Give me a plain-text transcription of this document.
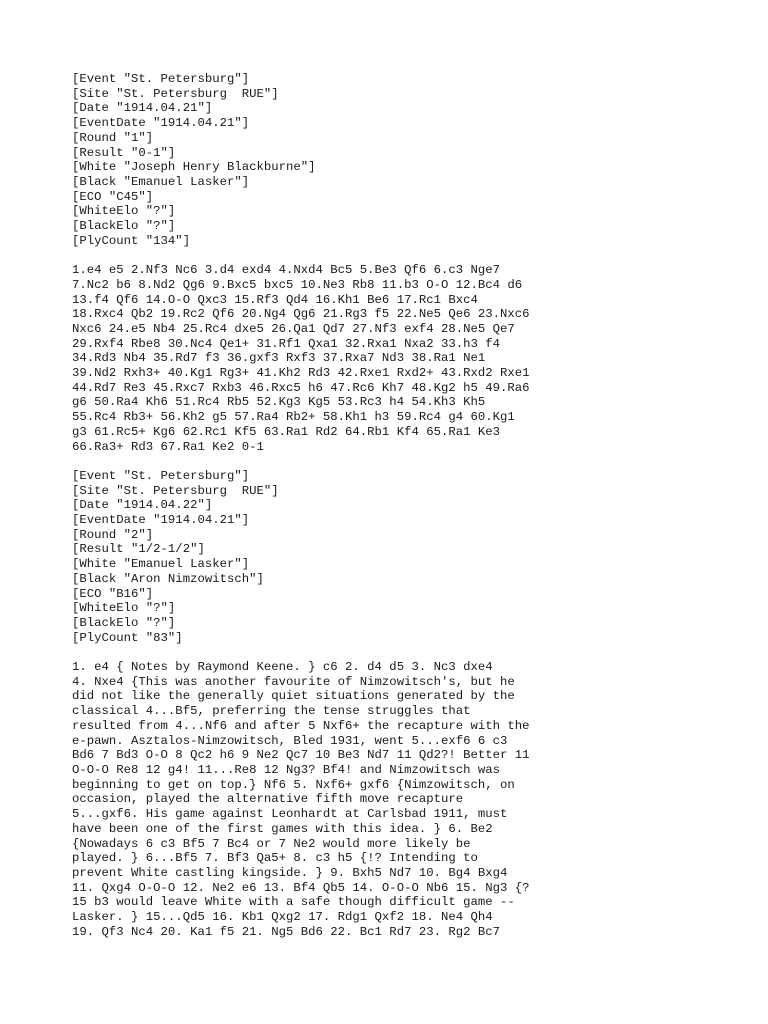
[Event "St. Petersburg"]
[Site "St. Petersburg  RUE"]
[Date "1914.04.21"]
[EventDate "1914.04.21"]
[Round "1"]
[Result "0-1"]
[White "Joseph Henry Blackburne"]
[Black "Emanuel Lasker"]
[ECO "C45"]
[WhiteElo "?"]
[BlackElo "?"]
[PlyCount "134"]
1.e4 e5 2.Nf3 Nc6 3.d4 exd4 4.Nxd4 Bc5 5.Be3 Qf6 6.c3 Nge7
7.Nc2 b6 8.Nd2 Qg6 9.Bxc5 bxc5 10.Ne3 Rb8 11.b3 O-O 12.Bc4 d6
13.f4 Qf6 14.O-O Qxc3 15.Rf3 Qd4 16.Kh1 Be6 17.Rc1 Bxc4
18.Rxc4 Qb2 19.Rc2 Qf6 20.Ng4 Qg6 21.Rg3 f5 22.Ne5 Qe6 23.Nxc6
Nxc6 24.e5 Nb4 25.Rc4 dxe5 26.Qa1 Qd7 27.Nf3 exf4 28.Ne5 Qe7
29.Rxf4 Rbe8 30.Nc4 Qe1+ 31.Rf1 Qxa1 32.Rxa1 Nxa2 33.h3 f4
34.Rd3 Nb4 35.Rd7 f3 36.gxf3 Rxf3 37.Rxa7 Nd3 38.Ra1 Ne1
39.Nd2 Rxh3+ 40.Kg1 Rg3+ 41.Kh2 Rd3 42.Rxe1 Rxd2+ 43.Rxd2 Rxe1
44.Rd7 Re3 45.Rxc7 Rxb3 46.Rxc5 h6 47.Rc6 Kh7 48.Kg2 h5 49.Ra6
g6 50.Ra4 Kh6 51.Rc4 Rb5 52.Kg3 Kg5 53.Rc3 h4 54.Kh3 Kh5
55.Rc4 Rb3+ 56.Kh2 g5 57.Ra4 Rb2+ 58.Kh1 h3 59.Rc4 g4 60.Kg1
g3 61.Rc5+ Kg6 62.Rc1 Kf5 63.Ra1 Rd2 64.Rb1 Kf4 65.Ra1 Ke3
66.Ra3+ Rd3 67.Ra1 Ke2 0-1
[Event "St. Petersburg"]
[Site "St. Petersburg  RUE"]
[Date "1914.04.22"]
[EventDate "1914.04.21"]
[Round "2"]
[Result "1/2-1/2"]
[White "Emanuel Lasker"]
[Black "Aron Nimzowitsch"]
[ECO "B16"]
[WhiteElo "?"]
[BlackElo "?"]
[PlyCount "83"]
1. e4 { Notes by Raymond Keene. } c6 2. d4 d5 3. Nc3 dxe4
4. Nxe4 {This was another favourite of Nimzowitsch's, but he
did not like the generally quiet situations generated by the
classical 4...Bf5, preferring the tense struggles that
resulted from 4...Nf6 and after 5 Nxf6+ the recapture with the
e-pawn. Asztalos-Nimzowitsch, Bled 1931, went 5...exf6 6 c3
Bd6 7 Bd3 O-O 8 Qc2 h6 9 Ne2 Qc7 10 Be3 Nd7 11 Qd2?! Better 11
O-O-O Re8 12 g4! 11...Re8 12 Ng3? Bf4! and Nimzowitsch was
beginning to get on top.} Nf6 5. Nxf6+ gxf6 {Nimzowitsch, on
occasion, played the alternative fifth move recapture
5...gxf6. His game against Leonhardt at Carlsbad 1911, must
have been one of the first games with this idea. } 6. Be2
{Nowadays 6 c3 Bf5 7 Bc4 or 7 Ne2 would more likely be
played. } 6...Bf5 7. Bf3 Qa5+ 8. c3 h5 {!? Intending to
prevent White castling kingside. } 9. Bxh5 Nd7 10. Bg4 Bxg4
11. Qxg4 O-O-O 12. Ne2 e6 13. Bf4 Qb5 14. O-O-O Nb6 15. Ng3 {?
15 b3 would leave White with a safe though difficult game --
Lasker. } 15...Qd5 16. Kb1 Qxg2 17. Rdg1 Qxf2 18. Ne4 Qh4
19. Qf3 Nc4 20. Ka1 f5 21. Ng5 Bd6 22. Bc1 Rd7 23. Rg2 Bc7
